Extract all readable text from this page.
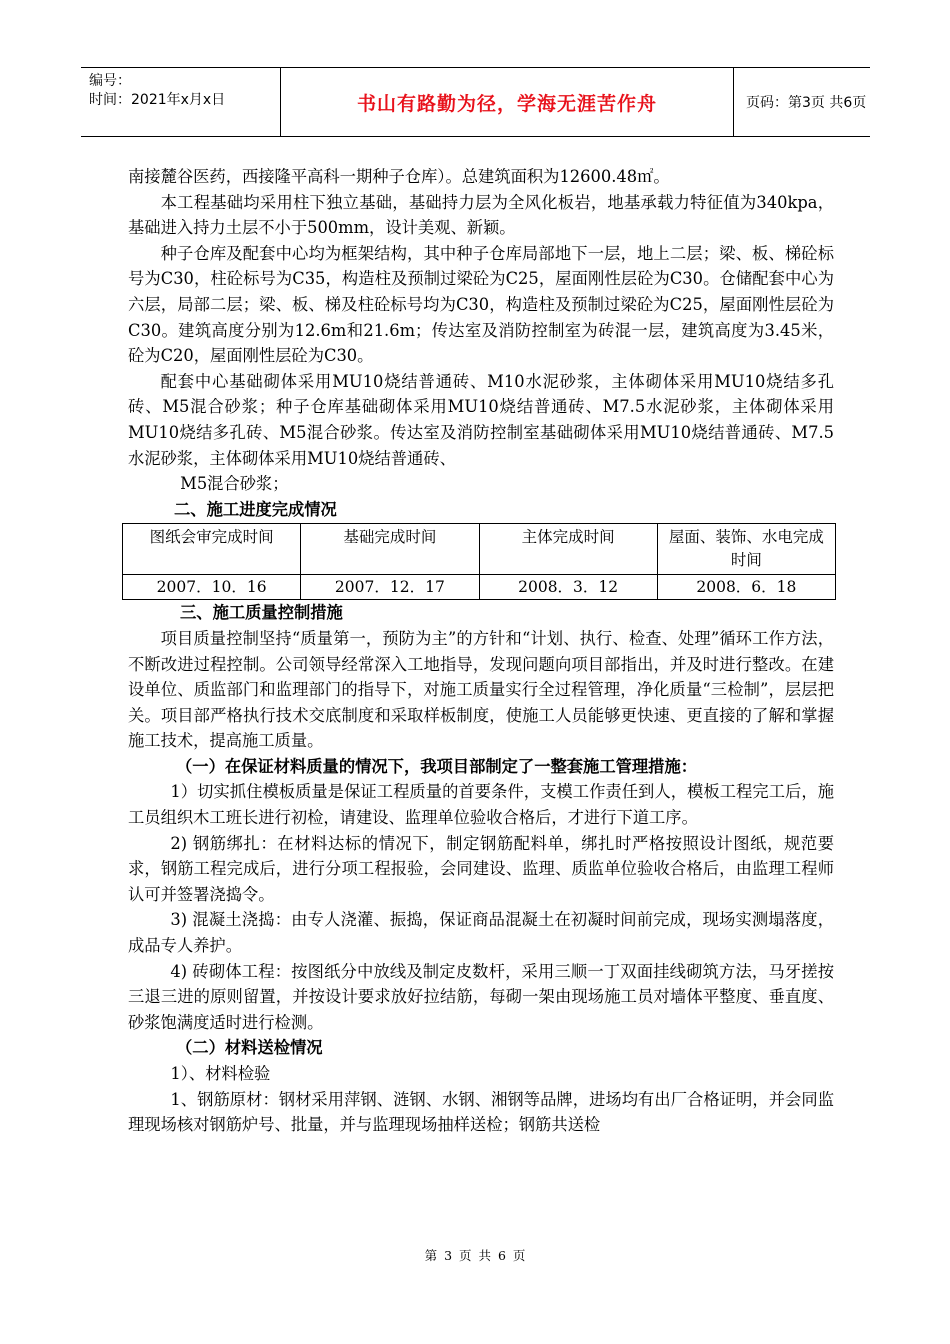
编号：
时间：2021年x月x日	书山有路勤为径，学海无涯苦作舟	页码：第3页 共6页

南接麓谷医药，西接隆平高科一期种子仓库）。总建筑面积为12600.48㎡。

本工程基础均采用柱下独立基础，基础持力层为全风化板岩，地基承载力特征值为340kpa，基础进入持力土层不小于500mm，设计美观、新颖。

种子仓库及配套中心均为框架结构，其中种子仓库局部地下一层，地上二层；梁、板、梯砼标号为C30，柱砼标号为C35，构造柱及预制过梁砼为C25，屋面刚性层砼为C30。仓储配套中心为六层，局部二层；梁、板、梯及柱砼标号均为C30，构造柱及预制过梁砼为C25，屋面刚性层砼为C30。建筑高度分别为12.6m和21.6m；传达室及消防控制室为砖混一层，建筑高度为3.45米，砼为C20，屋面刚性层砼为C30。

配套中心基础砌体采用MU10烧结普通砖、M10水泥砂浆，主体砌体采用MU10烧结多孔砖、M5混合砂浆；种子仓库基础砌体采用MU10烧结普通砖、M7.5水泥砂浆，主体砌体采用MU10烧结多孔砖、M5混合砂浆。传达室及消防控制室基础砌体采用MU10烧结普通砖、M7.5水泥砂浆，主体砌体采用MU10烧结普通砖、

M5混合砂浆；

二、施工进度完成情况
图纸会审完成时间	基础完成时间	主体完成时间	屋面、装饰、水电完成时间
2007．10．16	2007．12．17	2008．3．12	2008．6．18
三、施工质量控制措施

项目质量控制坚持“质量第一，预防为主”的方针和“计划、执行、检查、处理”循环工作方法，不断改进过程控制。公司领导经常深入工地指导，发现问题向项目部指出，并及时进行整改。在建设单位、质监部门和监理部门的指导下，对施工质量实行全过程管理，净化质量“三检制”，层层把关。项目部严格执行技术交底制度和采取样板制度，使施工人员能够更快速、更直接的了解和掌握施工技术，提高施工质量。

（一）在保证材料质量的情况下，我项目部制定了一整套施工管理措施：

1）切实抓住模板质量是保证工程质量的首要条件，支模工作责任到人，模板工程完工后，施工员组织木工班长进行初检，请建设、监理单位验收合格后，才进行下道工序。

2) 钢筋绑扎：在材料达标的情况下，制定钢筋配料单，绑扎时严格按照设计图纸，规范要求，钢筋工程完成后，进行分项工程报验，会同建设、监理、质监单位验收合格后，由监理工程师认可并签署浇捣令。

3) 混凝土浇捣：由专人浇灌、振捣，保证商品混凝土在初凝时间前完成，现场实测塌落度，成品专人养护。

4) 砖砌体工程：按图纸分中放线及制定皮数杆，采用三顺一丁双面挂线砌筑方法，马牙搓按三退三进的原则留置，并按设计要求放好拉结筋，每砌一架由现场施工员对墙体平整度、垂直度、砂浆饱满度适时进行检测。

（二）材料送检情况

1）、材料检验

1、钢筋原材：钢材采用萍钢、涟钢、水钢、湘钢等品牌，进场均有出厂合格证明，并会同监理现场核对钢筋炉号、批量，并与监理现场抽样送检；钢筋共送检

第 3 页 共 6 页
